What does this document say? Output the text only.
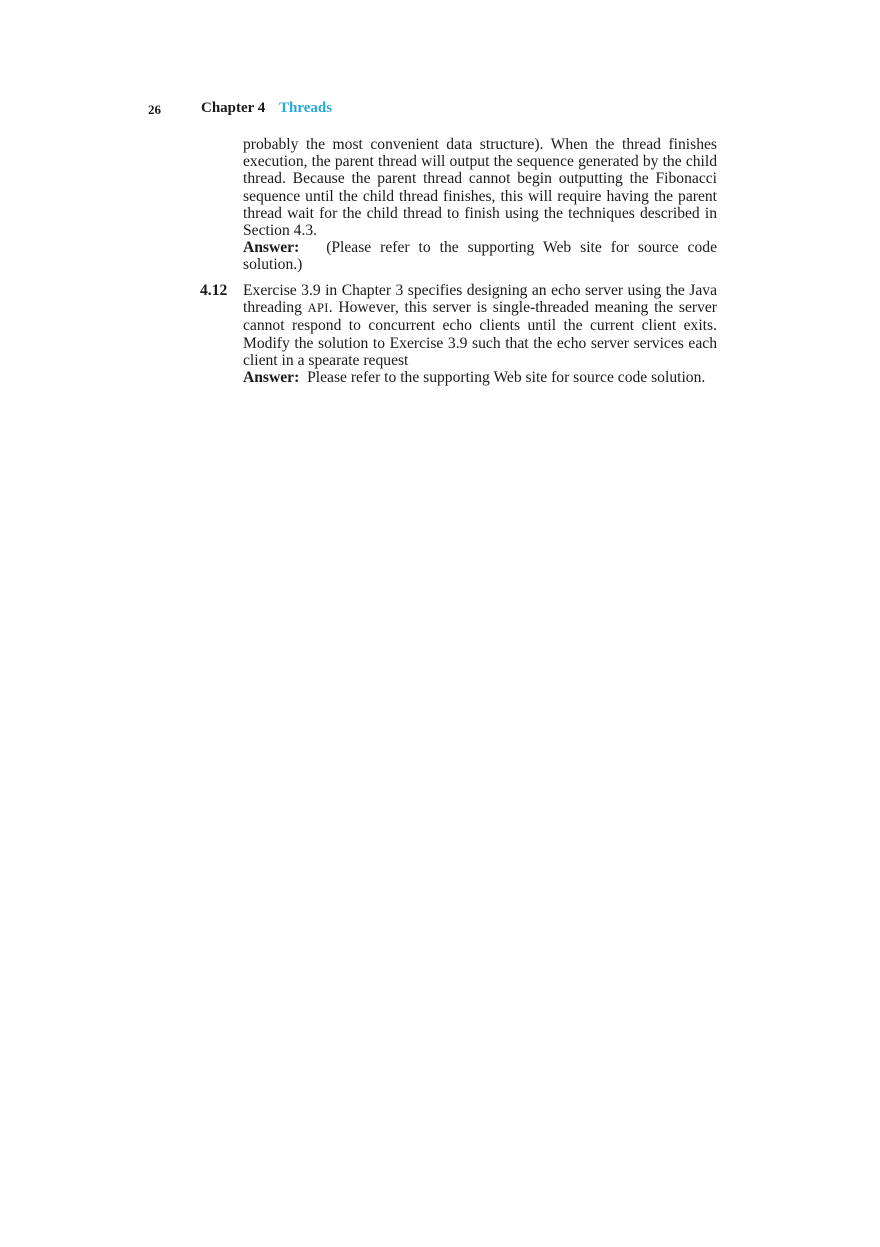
26	Chapter 4 Threads

probably the most convenient data structure). When the thread finishes execution, the parent thread will output the sequence generated by the child thread. Because the parent thread cannot begin outputting the Fibonacci sequence until the child thread finishes, this will require having the parent thread wait for the child thread to finish using the techniques described in Section 4.3.

Answer: (Please refer to the supporting Web site for source code solution.)

4.12 Exercise 3.9 in Chapter 3 specifies designing an echo server using the Java threading API. However, this server is single-threaded meaning the server cannot respond to concurrent echo clients until the current client exits. Modify the solution to Exercise 3.9 such that the echo server services each client in a spearate request

Answer: Please refer to the supporting Web site for source code solution.
